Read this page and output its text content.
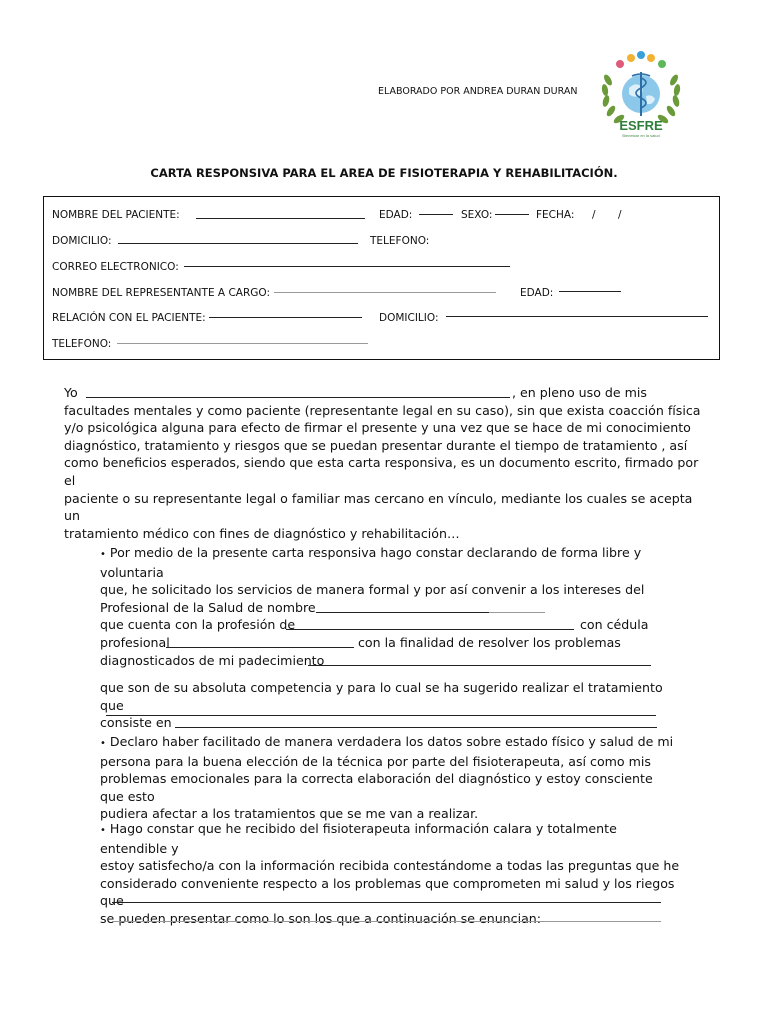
ELABORADO POR ANDREA DURAN DURAN
ESFRE
Bienestar en la salud
CARTA RESPONSIVA PARA EL AREA DE FISIOTERAPIA Y REHABILITACIÓN.
NOMBRE DEL PACIENTE:	EDAD:	SEXO:	FECHA: / /
DOMICILIO:	TELEFONO:
CORREO ELECTRONICO:
NOMBRE DEL REPRESENTANTE A CARGO:	EDAD:
RELACIÓN CON EL PACIENTE:	DOMICILIO:
TELEFONO:
Yo	, en pleno uso de mis
facultades mentales y como paciente (representante legal en su caso), sin que exista coacción física
y/o psicológica alguna para efecto de firmar el presente y una vez que se hace de mi conocimiento
diagnóstico, tratamiento y riesgos que se puedan presentar durante el tiempo de tratamiento , así
como beneficios esperados, siendo que esta carta responsiva, es un documento escrito, firmado por el
paciente o su representante legal o familiar mas cercano en vínculo, mediante los cuales se acepta un
tratamiento médico con fines de diagnóstico y rehabilitación…
• Por medio de la presente carta responsiva hago constar declarando de forma libre y voluntaria
que, he solicitado los servicios de manera formal y por así convenir a los intereses del
Profesional de la Salud de nombre
que cuenta con la profesión de	con cédula
profesional	con la finalidad de resolver los problemas
diagnosticados de mi padecimiento
que son de su absoluta competencia y para lo cual se ha sugerido realizar el tratamiento que
consiste en
• Declaro haber facilitado de manera verdadera los datos sobre estado físico y salud de mi
persona para la buena elección de la técnica por parte del fisioterapeuta, así como mis
problemas emocionales para la correcta elaboración del diagnóstico y estoy consciente que esto
pudiera afectar a los tratamientos que se me van a realizar.
• Hago constar que he recibido del fisioterapeuta información calara y totalmente entendible y
estoy satisfecho/a con la información recibida contestándome a todas las preguntas que he
considerado conveniente respecto a los problemas que comprometen mi salud y los riegos que
se pueden presentar como lo son los que a continuación se enuncian:
